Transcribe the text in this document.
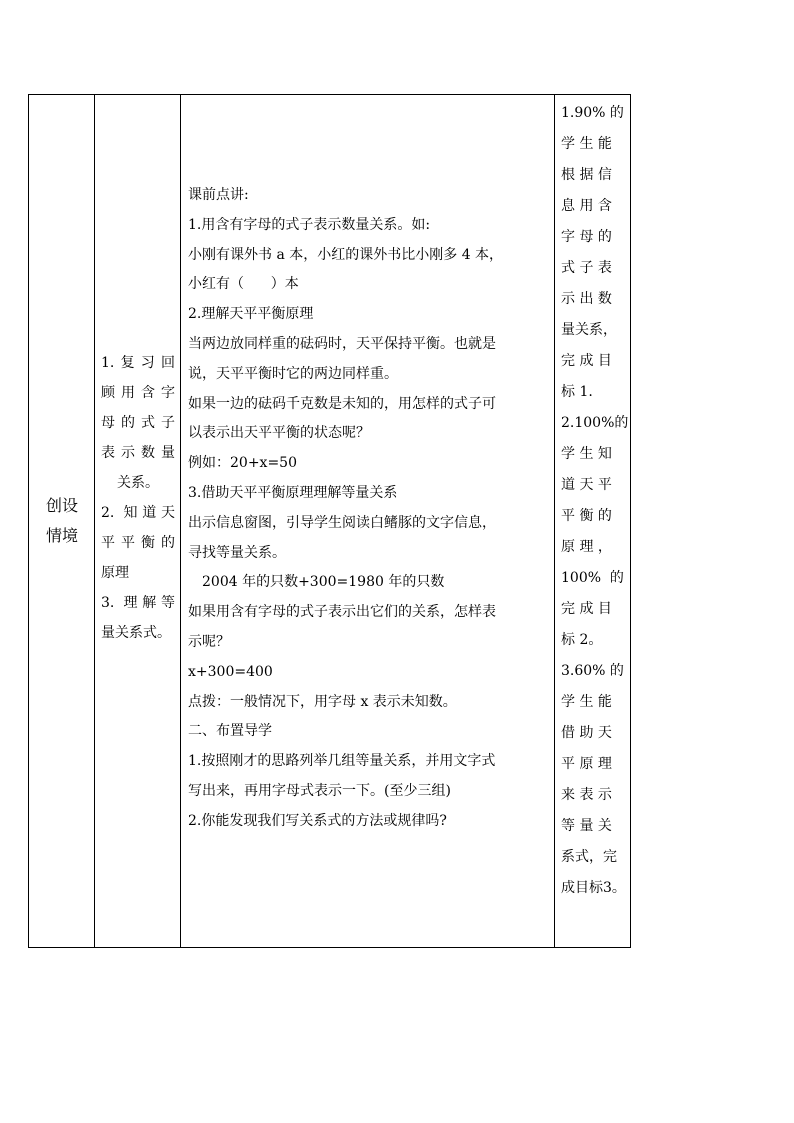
创设
情境
1.复习回
顾用含字
母的式子
表示数量
关系。
2. 知道天
平平衡的
原理
3. 理解等
量关系式。
课前点讲:
1.用含有字母的式子表示数量关系。如:
小刚有课外书 a 本，小红的课外书比小刚多 4 本，
小红有（      ）本
2.理解天平平衡原理
当两边放同样重的砝码时，天平保持平衡。也就是
说，天平平衡时它的两边同样重。
如果一边的砝码千克数是未知的，用怎样的式子可
以表示出天平平衡的状态呢？
例如：20+x=50
3.借助天平平衡原理理解等量关系
出示信息窗图，引导学生阅读白鳍豚的文字信息，
寻找等量关系。
2004 年的只数+300=1980 年的只数
如果用含有字母的式子表示出它们的关系，怎样表
示呢？
x+300=400
点拨：一般情况下，用字母 x 表示未知数。
二、布置导学
1.按照刚才的思路列举几组等量关系，并用文字式
写出来，再用字母式表示一下。(至少三组)
2.你能发现我们写关系式的方法或规律吗?
1.90% 的
学 生 能
根 据 信
息 用 含
字 母 的
式 子 表
示 出 数
量关系，
完 成 目
标 1.
2.100%的
学 生 知
道 天 平
平 衡 的
原 理 ，
100%  的
完 成 目
标 2。
3.60% 的
学 生 能
借 助 天
平 原 理
来 表 示
等 量 关
系式，完
成目标3。
